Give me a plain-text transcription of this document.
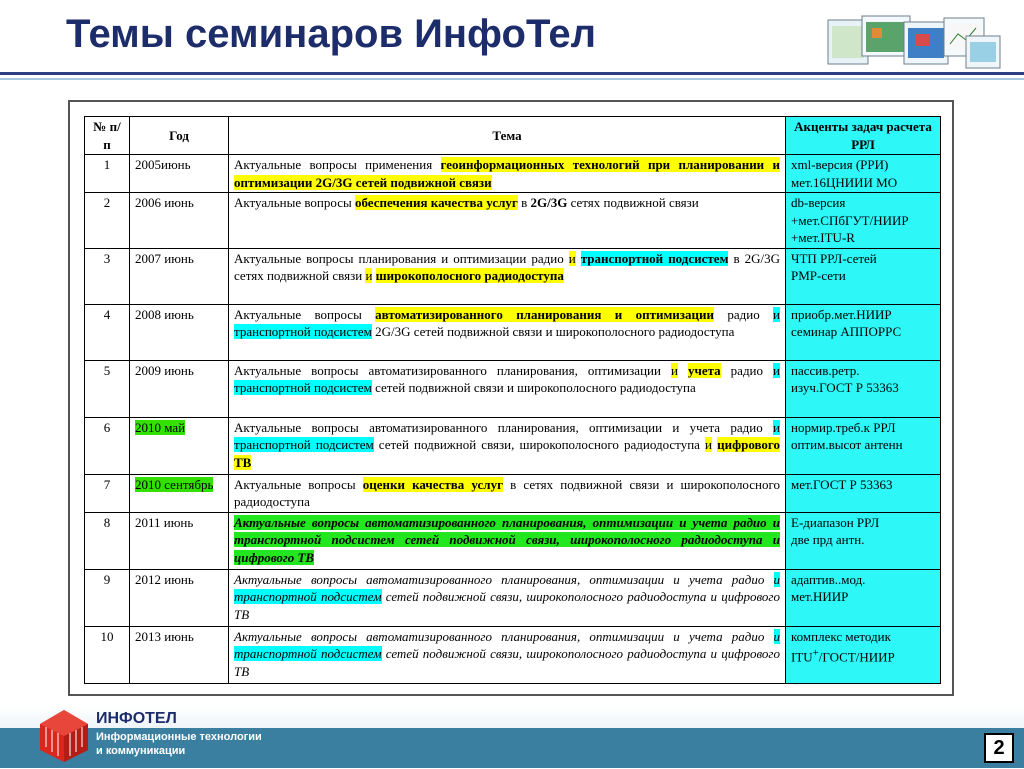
Темы семинаров ИнфоТел
№ п/п	Год	Тема	Акценты задач расчета РРЛ
1	2005июнь	Актуальные вопросы применения геоинформационных технологий при планировании и оптимизации 2G/3G сетей подвижной связи	xml-версия (РРИ)
мет.16ЦНИИИ МО
2	2006 июнь	Актуальные вопросы обеспечения качества услуг в 2G/3G сетях подвижной связи	db-версия
+мет.СПбГУТ/НИИР
+мет.ITU-R
3	2007 июнь	Актуальные вопросы планирования и оптимизации радио и транспортной подсистем в 2G/3G сетях подвижной связи и широкополосного радиодоступа	ЧТП РРЛ-сетей
PMP-сети
4	2008 июнь	Актуальные вопросы автоматизированного планирования и оптимизации радио и транспортной подсистем 2G/3G сетей подвижной связи и широкополосного радиодоступа	приобр.мет.НИИР
семинар АППОРРС
5	2009 июнь	Актуальные вопросы автоматизированного планирования, оптимизации и учета радио и транспортной подсистем сетей подвижной связи и широкополосного радиодоступа	пассив.ретр.
изуч.ГОСТ Р 53363
6	2010 май	Актуальные вопросы автоматизированного планирования, оптимизации и учета радио и транспортной подсистем сетей подвижной связи, широкополосного радиодоступа и цифрового ТВ	нормир.треб.к РРЛ
оптим.высот антенн
7	2010 сентябрь	Актуальные вопросы оценки качества услуг в сетях подвижной связи и широкополосного радиодоступа	мет.ГОСТ Р 53363
8	2011 июнь	Актуальные вопросы автоматизированного планирования, оптимизации и учета радио и транспортной подсистем сетей подвижной связи, широкополосного радиодоступа и цифрового ТВ	Е-диапазон РРЛ
две прд антн.
9	2012 июнь	Актуальные вопросы автоматизированного планирования, оптимизации и учета радио и транспортной подсистем сетей подвижной связи, широкополосного радиодоступа и цифрового ТВ	адаптив..мод.
мет.НИИР
10	2013 июнь	Актуальные вопросы автоматизированного планирования, оптимизации и учета радио и транспортной подсистем сетей подвижной связи, широкополосного радиодоступа и цифрового ТВ	комплекс методик
ITU+/ГОСТ/НИИР
ИНФОТЕЛ
Информационные технологии
и коммуникации	2
